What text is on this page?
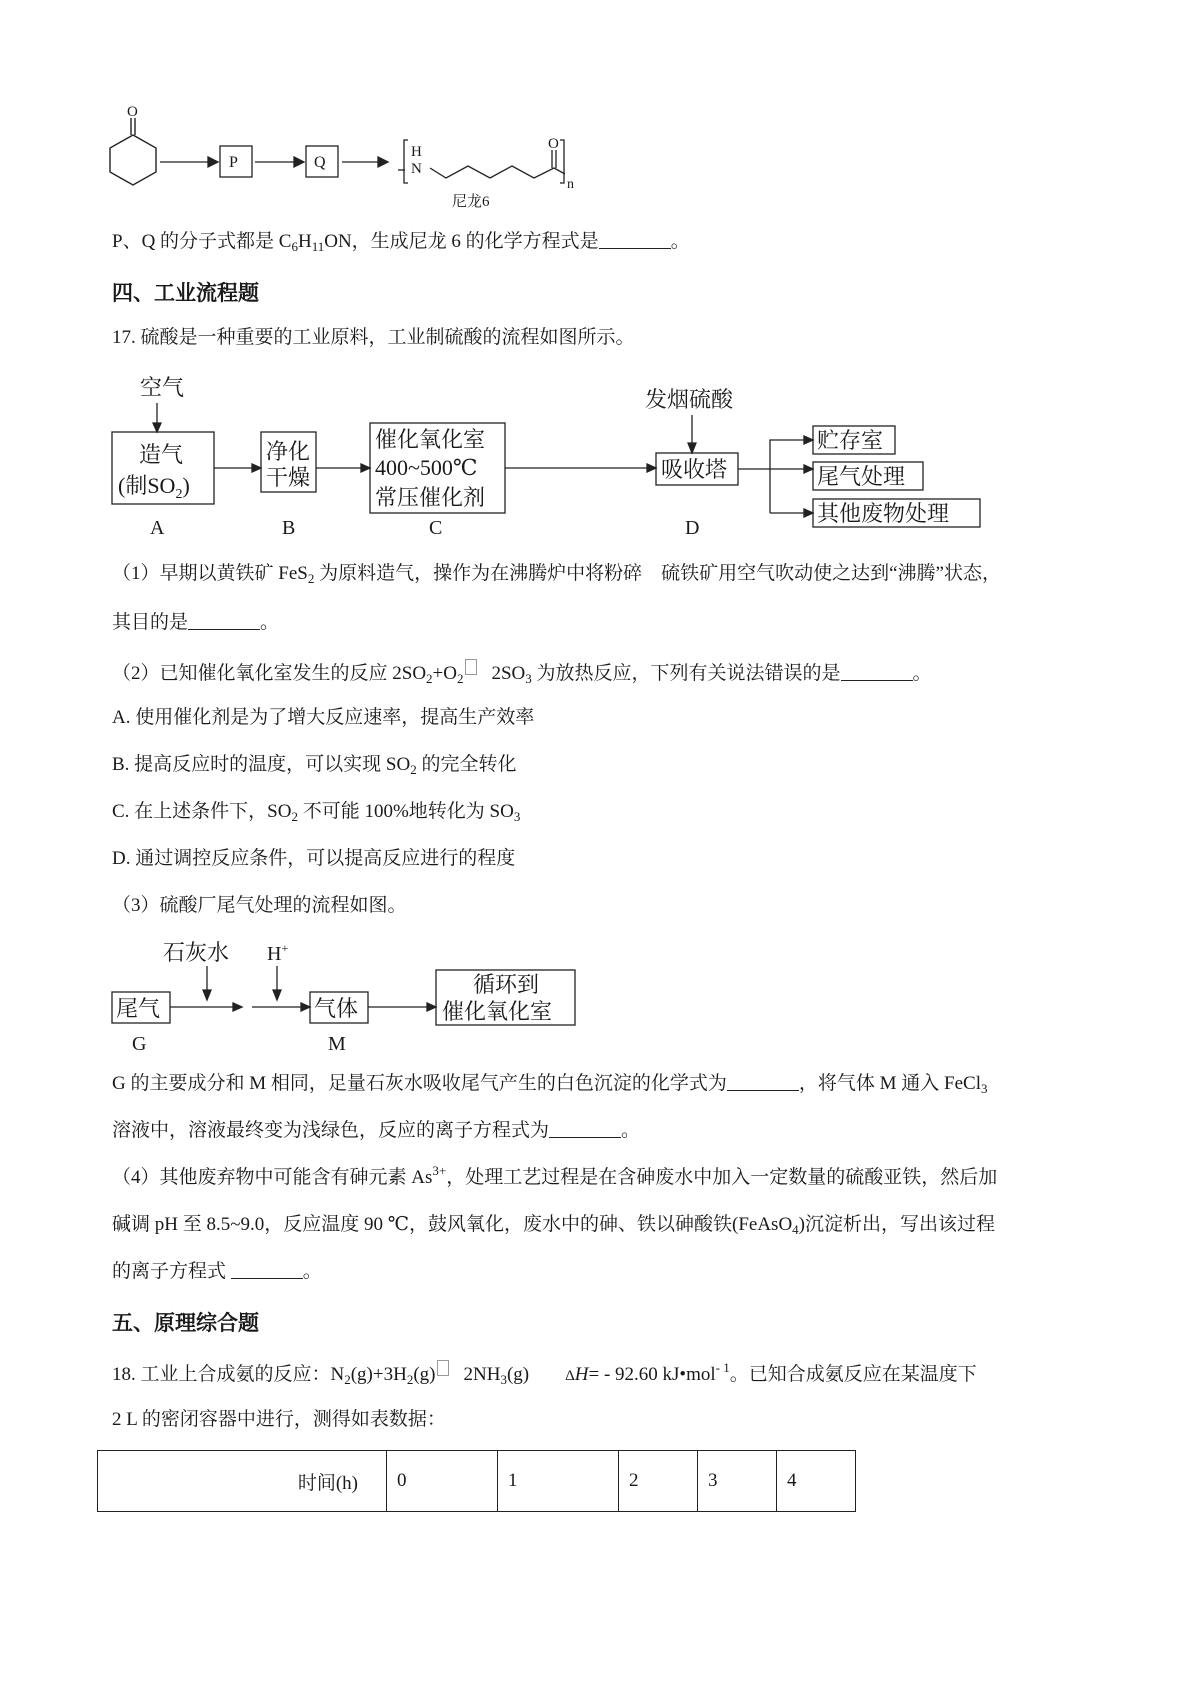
O
P	Q
H
N
O
n
尼龙6
P、Q 的分子式都是 $C_6H_{11}ON$，生成尼龙 6 的化学方程式是	。
四、工业流程题
17. 硫酸是一种重要的工业原料，工业制硫酸的流程如图所示。
空气
造气
(制$SO_2$)
净化
干燥
催化氧化室
400~500℃
常压催化剂
发烟硫酸
吸收塔
贮存室
尾气处理
其他废物处理
A	B	C	D
（1）早期以黄铁矿 FeS$_2$ 为原料造气，操作为在沸腾炉中将粉碎　硫铁矿用空气吹动使之达到“沸腾”状态，
其目的是	。
（2）已知催化氧化室发生的反应 $2SO_2+O_2$ $2SO_3$ 为放热反应，下列有关说法错误的是	。
A. 使用催化剂是为了增大反应速率，提高生产效率
B. 提高反应时的温度，可以实现 $SO_2$ 的完全转化
C. 在上述条件下，$SO_2$ 不可能 100%地转化为 $SO_3$
D. 通过调控反应条件，可以提高反应进行的程度
（3）硫酸厂尾气处理的流程如图。
石灰水 H+
尾气	气体
循环到
催化氧化室
G	M
G 的主要成分和 M 相同，足量石灰水吸收尾气产生的白色沉淀的化学式为	，将气体 M 通入 FeCl$_3$
溶液中，溶液最终变为浅绿色，反应的离子方程式为	。
（4）其他废弃物中可能含有砷元素 $As^{3+}$，处理工艺过程是在含砷废水中加入一定数量的硫酸亚铁，然后加
碱调 pH 至 8.5~9.0，反应温度 90 ℃，鼓风氧化，废水中的砷、铁以砷酸铁(FeAsO$_4$)沉淀析出，写出该过程
的离子方程式	。
五、原理综合题
18. 工业上合成氨的反应：$N_2(g)+3H_2(g)$ $2NH_3(g)$ ΔH= - 92.60 kJ•mol$^{- 1}$。已知合成氨反应在某温度下
2 L 的密闭容器中进行，测得如表数据：
时间(h)	0	1	2	3	4
